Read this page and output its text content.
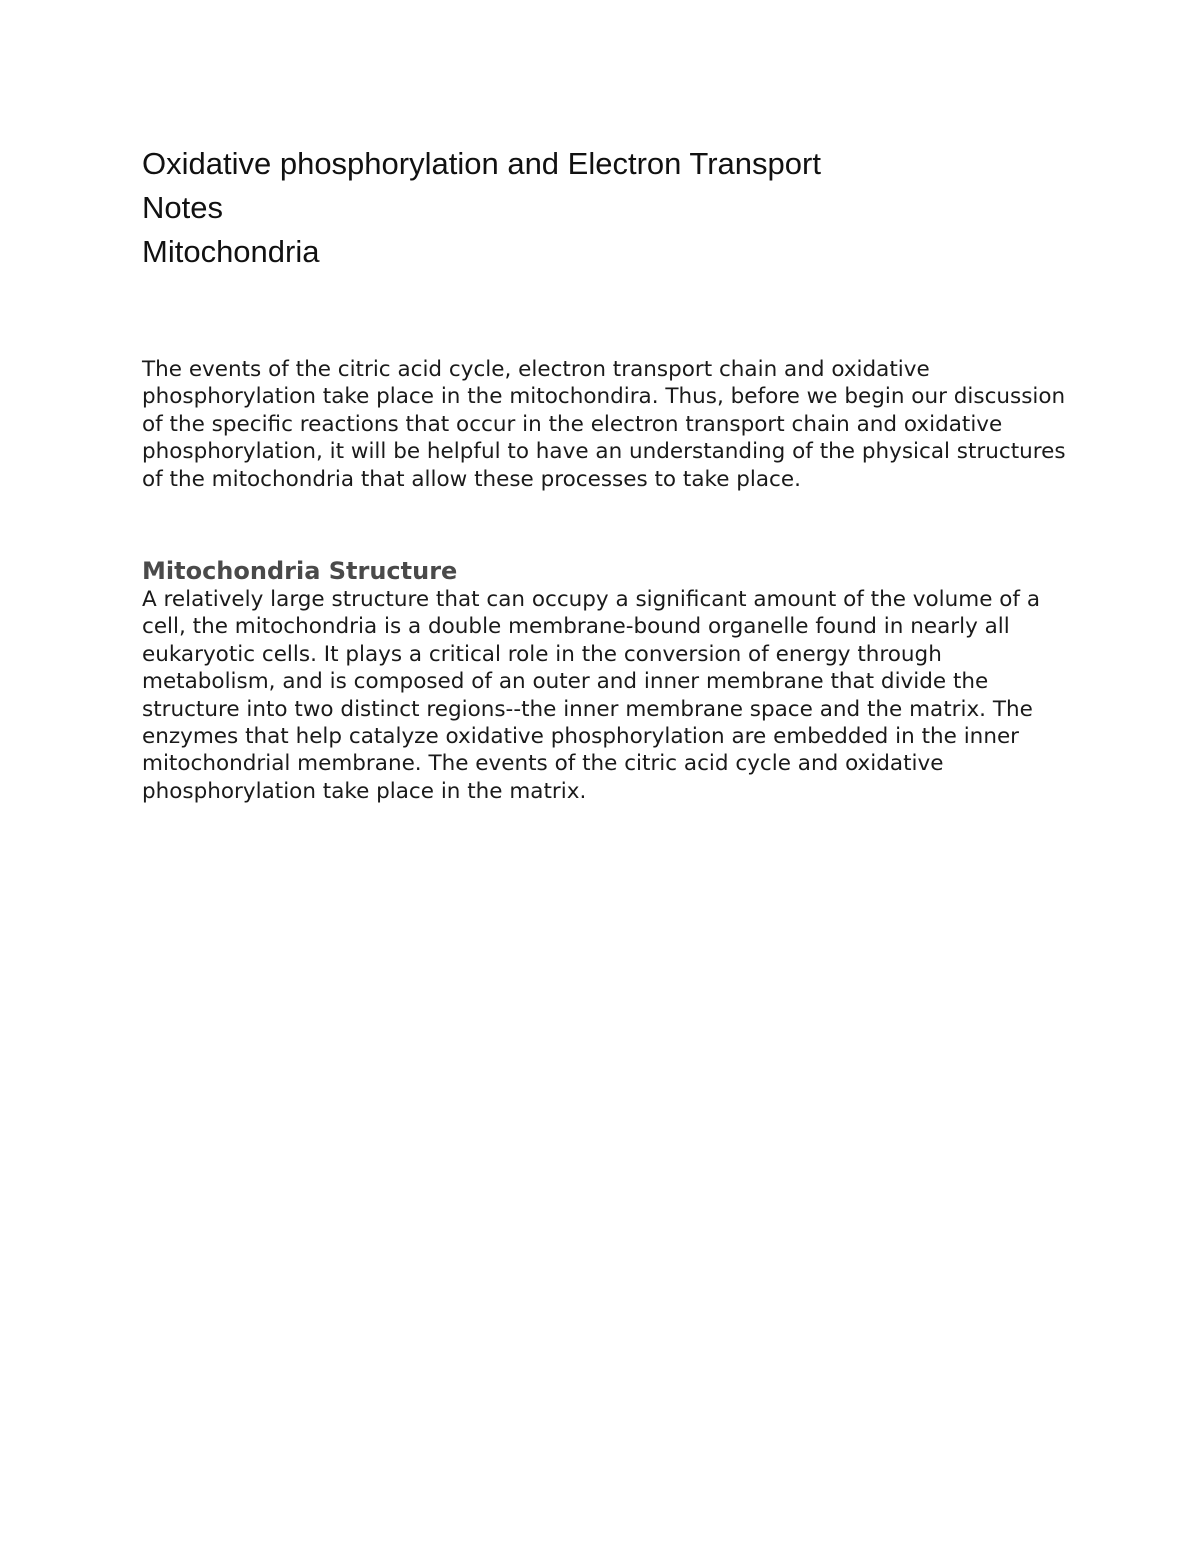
Oxidative phosphorylation and Electron Transport
Notes
Mitochondria

The events of the citric acid cycle, electron transport chain and oxidative phosphorylation take place in the mitochondira. Thus, before we begin our discussion of the specific reactions that occur in the electron transport chain and oxidative phosphorylation, it will be helpful to have an understanding of the physical structures of the mitochondria that allow these processes to take place.

Mitochondria Structure

A relatively large structure that can occupy a significant amount of the volume of a cell, the mitochondria is a double membrane-bound organelle found in nearly all eukaryotic cells. It plays a critical role in the conversion of energy through metabolism, and is composed of an outer and inner membrane that divide the structure into two distinct regions--the inner membrane space and the matrix. The enzymes that help catalyze oxidative phosphorylation are embedded in the inner mitochondrial membrane. The events of the citric acid cycle and oxidative phosphorylation take place in the matrix.
